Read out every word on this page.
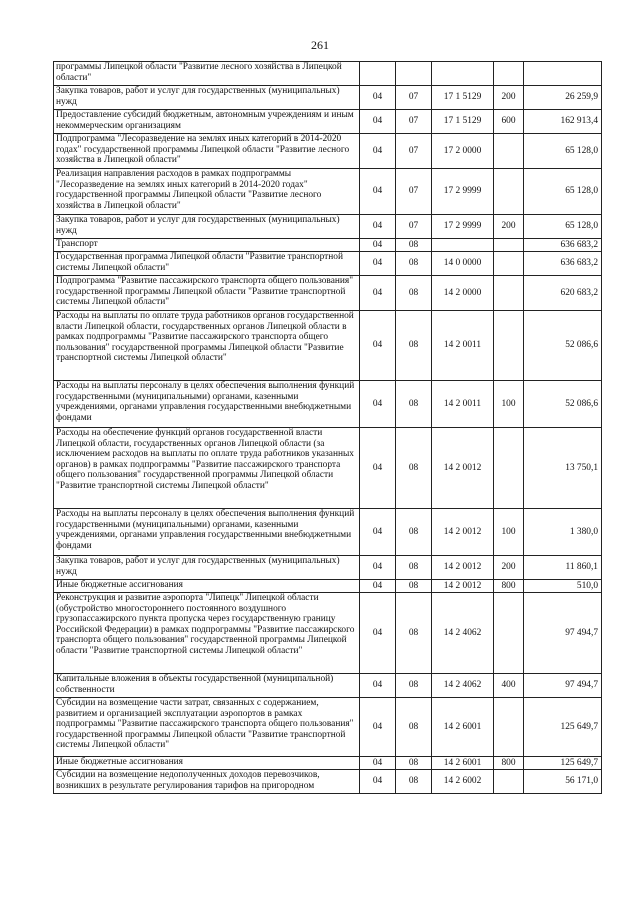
261
программы Липецкой области "Развитие лесного хозяйства в Липецкой области"					
Закупка товаров, работ и услуг для государственных (муниципальных) нужд	04	07	17 1 5129	200	26 259,9
Предоставление субсидий бюджетным, автономным учреждениям и иным некоммерческим организациям	04	07	17 1 5129	600	162 913,4
Подпрограмма "Лесоразведение на землях иных категорий в 2014-2020 годах" государственной программы Липецкой области "Развитие лесного хозяйства в Липецкой области"	04	07	17 2 0000		65 128,0
Реализация направления расходов в рамках подпрограммы "Лесоразведение на землях иных категорий в 2014-2020 годах" государственной программы Липецкой области "Развитие лесного хозяйства в Липецкой области"	04	07	17 2 9999		65 128,0
Закупка товаров, работ и услуг для государственных (муниципальных) нужд	04	07	17 2 9999	200	65 128,0
Транспорт	04	08			636 683,2
Государственная программа Липецкой области "Развитие транспортной системы Липецкой области"	04	08	14 0 0000		636 683,2
Подпрограмма "Развитие пассажирского транспорта общего пользования" государственной программы Липецкой области "Развитие транспортной системы Липецкой области"	04	08	14 2 0000		620 683,2
Расходы на выплаты по оплате труда работников органов государственной власти Липецкой области, государственных органов Липецкой области в рамках подпрограммы "Развитие пассажирского транспорта общего пользования" государственной программы Липецкой области "Развитие транспортной системы Липецкой области"	04	08	14 2 0011		52 086,6
Расходы на выплаты персоналу в целях обеспечения выполнения функций государственными (муниципальными) органами, казенными учреждениями, органами управления государственными внебюджетными фондами	04	08	14 2 0011	100	52 086,6
Расходы на обеспечение функций органов государственной власти Липецкой области, государственных органов Липецкой области (за исключением расходов на выплаты по оплате труда работников указанных органов) в рамках подпрограммы "Развитие пассажирского транспорта общего пользования" государственной программы Липецкой области "Развитие транспортной системы Липецкой области"	04	08	14 2 0012		13 750,1
Расходы на выплаты персоналу в целях обеспечения выполнения функций государственными (муниципальными) органами, казенными учреждениями, органами управления государственными внебюджетными фондами	04	08	14 2 0012	100	1 380,0
Закупка товаров, работ и услуг для государственных (муниципальных) нужд	04	08	14 2 0012	200	11 860,1
Иные бюджетные ассигнования	04	08	14 2 0012	800	510,0
Реконструкция и развитие аэропорта "Липецк" Липецкой области (обустройство многостороннего постоянного воздушного грузопассажирского пункта пропуска через государственную границу Российской Федерации) в рамках подпрограммы "Развитие пассажирского транспорта общего пользования" государственной программы Липецкой области "Развитие транспортной системы Липецкой области"	04	08	14 2 4062		97 494,7
Капитальные вложения в объекты государственной (муниципальной) собственности	04	08	14 2 4062	400	97 494,7
Субсидии на возмещение части затрат, связанных с содержанием, развитием и организацией эксплуатации аэропортов в рамках подпрограммы "Развитие пассажирского транспорта общего пользования" государственной программы Липецкой области "Развитие транспортной системы Липецкой области"	04	08	14 2 6001		125 649,7
Иные бюджетные ассигнования	04	08	14 2 6001	800	125 649,7
Субсидии на возмещение недополученных доходов перевозчиков, возникших в результате регулирования тарифов на пригородном	04	08	14 2 6002		56 171,0
